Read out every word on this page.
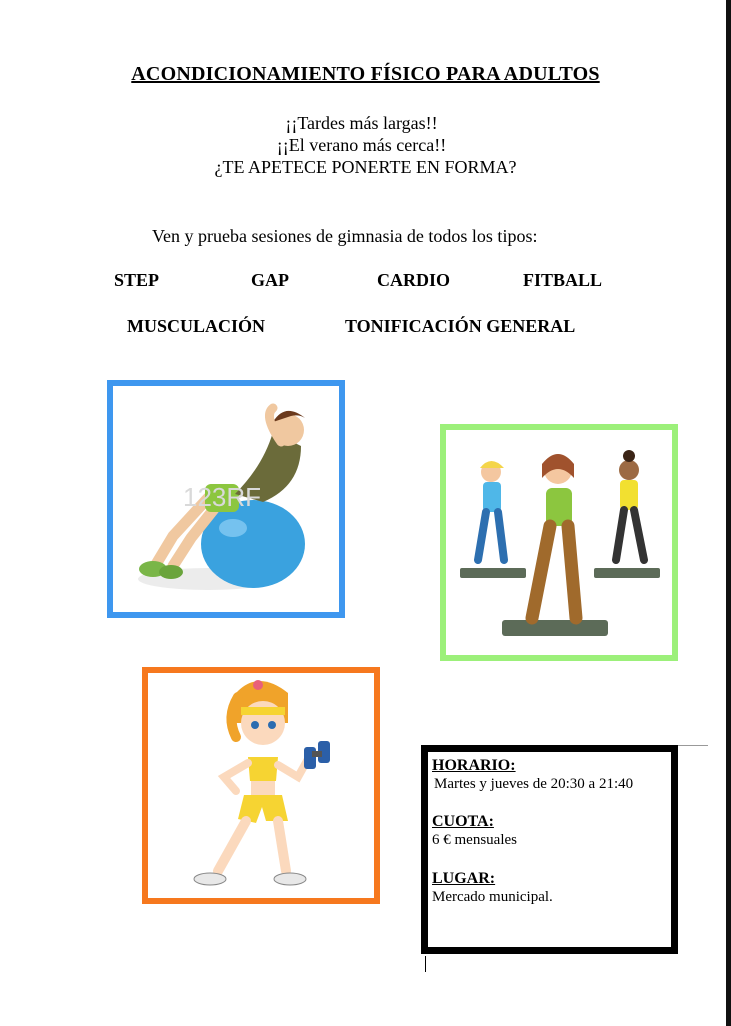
ACONDICIONAMIENTO FÍSICO PARA ADULTOS
¡¡Tardes más largas!!
¡¡El verano más cerca!!
¿TE APETECE PONERTE EN FORMA?
Ven y prueba sesiones de gimnasia de todos los tipos:
STEP	GAP	CARDIO	FITBALL
MUSCULACIÓN	TONIFICACIÓN GENERAL
123RF
HORARIO:
Martes y jueves de 20:30 a 21:40
CUOTA:
6 € mensuales
LUGAR:
Mercado municipal.
